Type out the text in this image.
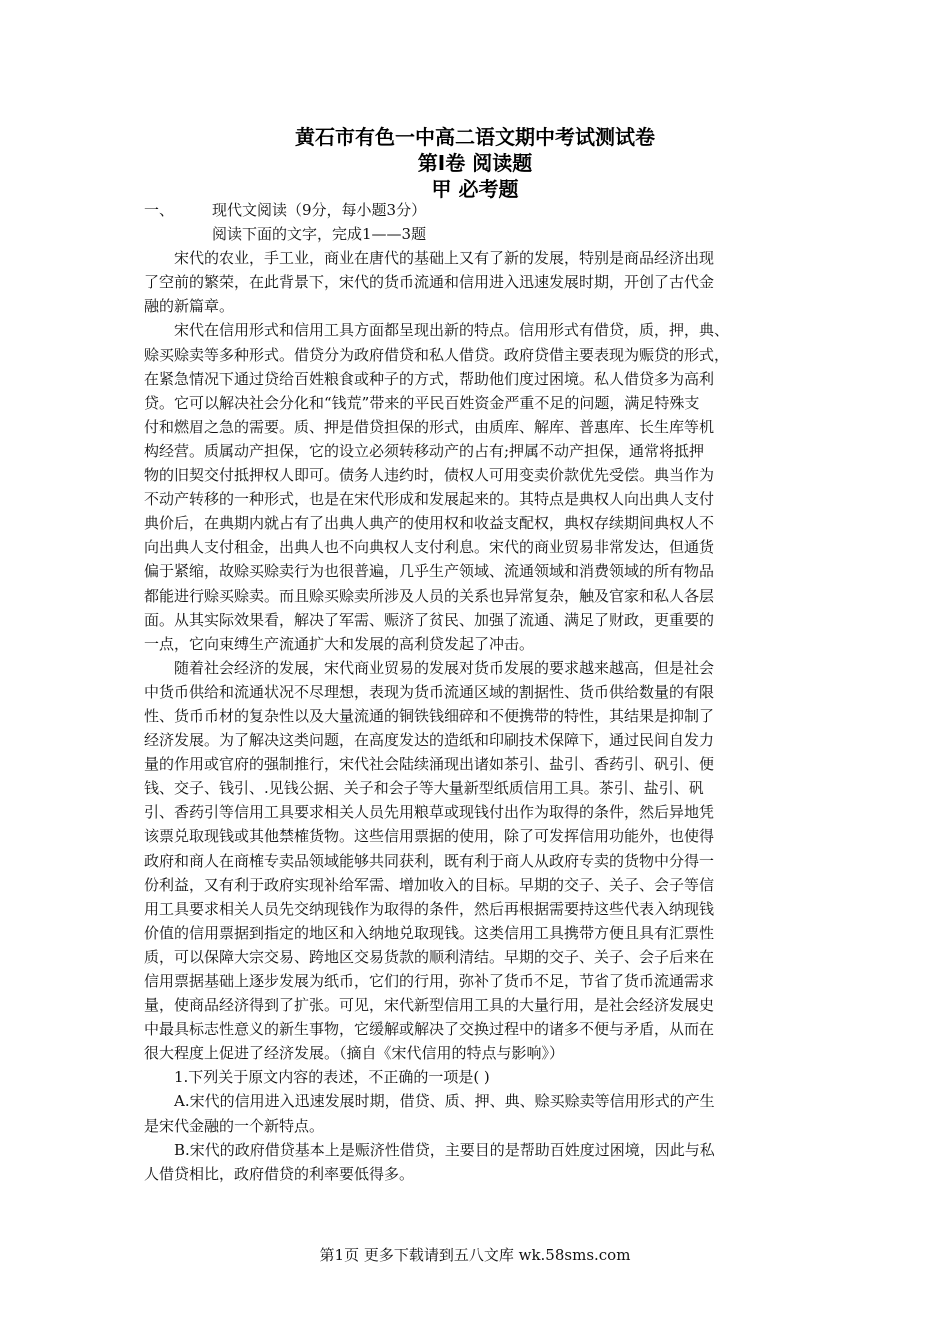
黄石市有色一中高二语文期中考试测试卷
第Ⅰ卷 阅读题
甲 必考题
一、	现代文阅读（9分，每小题3分）
阅读下面的文字，完成1——3题
宋代的农业，手工业，商业在唐代的基础上又有了新的发展，特别是商品经济出现
了空前的繁荣，在此背景下，宋代的货币流通和信用进入迅速发展时期，开创了古代金
融的新篇章。
宋代在信用形式和信用工具方面都呈现出新的特点。信用形式有借贷，质，押，典、
赊买赊卖等多种形式。借贷分为政府借贷和私人借贷。政府贷借主要表现为赈贷的形式，
在紧急情况下通过贷给百姓粮食或种子的方式，帮助他们度过困境。私人借贷多为高利
贷。它可以解决社会分化和“钱荒”带来的平民百姓资金严重不足的问题，满足特殊支
付和燃眉之急的需要。质、押是借贷担保的形式，由质库、解库、普惠库、长生库等机
构经营。质属动产担保，它的设立必须转移动产的占有;押属不动产担保，通常将抵押
物的旧契交付抵押权人即可。债务人违约时，债权人可用变卖价款优先受偿。典当作为
不动产转移的一种形式，也是在宋代形成和发展起来的。其特点是典权人向出典人支付
典价后，在典期内就占有了出典人典产的使用权和收益支配权，典权存续期间典权人不
向出典人支付租金，出典人也不向典权人支付利息。宋代的商业贸易非常发达，但通货
偏于紧缩，故赊买赊卖行为也很普遍，几乎生产领域、流通领域和消费领域的所有物品
都能进行赊买赊卖。而且赊买赊卖所涉及人员的关系也异常复杂，触及官家和私人各层
面。从其实际效果看，解决了军需、赈济了贫民、加强了流通、满足了财政，更重要的
一点，它向束缚生产流通扩大和发展的高利贷发起了冲击。
随着社会经济的发展，宋代商业贸易的发展对货币发展的要求越来越高，但是社会
中货币供给和流通状况不尽理想，表现为货币流通区域的割据性、货币供给数量的有限
性、货币币材的复杂性以及大量流通的铜铁钱细碎和不便携带的特性，其结果是抑制了
经济发展。为了解决这类问题，在高度发达的造纸和印刷技术保障下，通过民间自发力
量的作用或官府的强制推行，宋代社会陆续涌现出诸如茶引、盐引、香药引、矾引、便
钱、交子、钱引、.见钱公据、关子和会子等大量新型纸质信用工具。茶引、盐引、矾
引、香药引等信用工具要求相关人员先用粮草或现钱付出作为取得的条件，然后异地凭
该票兑取现钱或其他禁榷货物。这些信用票据的使用，除了可发挥信用功能外，也使得
政府和商人在商榷专卖品领域能够共同获利，既有利于商人从政府专卖的货物中分得一
份利益，又有利于政府实现补给军需、增加收入的目标。早期的交子、关子、会子等信
用工具要求相关人员先交纳现钱作为取得的条件，然后再根据需要持这些代表入纳现钱
价值的信用票据到指定的地区和入纳地兑取现钱。这类信用工具携带方便且具有汇票性
质，可以保障大宗交易、跨地区交易货款的顺利清结。早期的交子、关子、会子后来在
信用票据基础上逐步发展为纸币，它们的行用，弥补了货币不足，节省了货币流通需求
量，使商品经济得到了扩张。可见，宋代新型信用工具的大量行用，是社会经济发展史
中最具标志性意义的新生事物，它缓解或解决了交换过程中的诸多不便与矛盾，从而在
很大程度上促进了经济发展。（摘自《宋代信用的特点与影响》）
1.下列关于原文内容的表述，不正确的一项是( )
A.宋代的信用进入迅速发展时期，借贷、质、押、典、赊买赊卖等信用形式的产生
是宋代金融的一个新特点。
B.宋代的政府借贷基本上是赈济性借贷，主要目的是帮助百姓度过困境，因此与私
人借贷相比，政府借贷的利率要低得多。
第1页 更多下载请到五八文库 wk.58sms.com
